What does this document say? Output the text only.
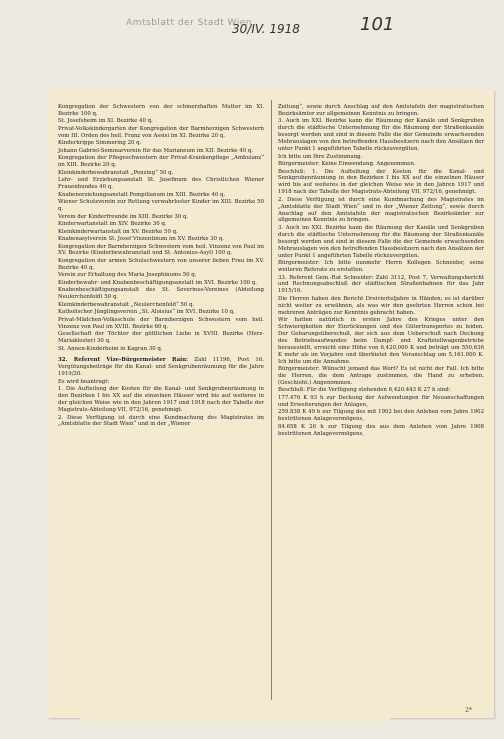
Amtsblatt der Stadt Wien
30/IV. 1918	101

Kongregation der Schwestern von der schmerzhaften Mutter im XI. Bezirke 100 q.

St. Josefsheim im XI. Bezirke 40 q.

Privat-Volkskindergarten der Kongregation der Barmherzigen Schwestern vom III. Orden des heil. Franz von Assisi im XI. Bezirke 20 q.

Kinderkrippe Simmering 20 q.

Johann Gabriel-Seminarverein für das Marianeum im XII. Bezirke 40 q.

Kongregation der Pflegeschwestern der Privat-Krankenpflege „Ambulanz“ im XIII. Bezirke 20 q.

Kleinkinderbewahranstalt „Penzing“ 50 q.

Lehr- und Erziehungsanstalt St. Josefinum des Christlichen Wiener Frauenbundes 40 q.

Knabenerziehungsanstalt Pompilianum im XIII. Bezirke 40 q.

Wiener Schutzverein zur Rettung verwahrloster Kinder im XIII. Bezirke 50 q.

Verein der Kinderfreunde im XIII. Bezirke 30 q.

Kinderwartanstalt im XIV. Bezirke 30 q.

Kleinkinderwartanstalt im XV. Bezirke 50 q.

Knabenasylverein St. Josef Vinzentinum im XV. Bezirke 30 q.

Kongregation der Barmherzigen Schwestern vom heil. Vinzenz von Paul im XV. Bezirke (Kinderbewahranstalt und St. Antonius-Asyl) 100 q.

Kongregation der armen Schulschwestern von unserer lieben Frau im XV. Bezirke 40 q.

Verein zur Erhaltung des Maria Josephinums 50 q.

Kinderbewahr- und Knabenbeschäftigungsanstalt im XVI. Bezirke 100 q.

Knabenbeschäftigungsanstalt des St. Severinus-Vereines (Abteilung Neulerchenfeld) 50 q.

Kleinkinderbewahranstalt „Neulerchenfeld“ 50 q.

Katholischer Jünglingsverein „St. Aloisius“ im XVI. Bezirke 10 q.

Privat-Mädchen-Volksschule der Barmherzigen Schwestern vom heil. Vinzenz von Paul im XVIII. Bezirke 60 q.

Gesellschaft der Töchter der göttlichen Liebe in XVIII. Bezirke (Herz-Mariakloster) 30 q.

St. Annen-Kinderheim in Kagran 30 q.

32. Referent Vize-Bürgermeister Rain: Zahl 11196, Post 16. Vergütungsbeiträge für die Kanal- und Senkgrubenräumung für die Jahre 1919/20.

Es wird beantragt:

1. Die Aufteilung der Kosten für die Kanal- und Senkgrubenräumung in den Bezirken I bis XX auf die einzelnen Häuser wird bis auf weiteres in der gleichen Weise wie in den Jahren 1917 und 1918 nach der Tabelle der Magistrats-Abteilung VII, 972/16, genehmigt.

2. Diese Verfügung ist durch eine Kundmachung des Magistrates im „Amtsblatte der Stadt Wien“ und in der „Wiener

Zeitung“, sowie durch Anschlag auf den Amtstafeln der magistratischen Bezirksämter zur allgemeinen Kenntnis zu bringen.

3. Auch im XXI. Bezirke kann die Räumung der Kanäle und Senkgruben durch die städtische Unternehmung für die Räumung der Straßenkanäle besorgt werden und sind in diesem Falle die der Gemeinde erwachsenden Mehrauslagen von den betreffenden Hausbesitzern nach den Ansätzen der unter Punkt 1 angeführten Tabelle rückzuvergüten.

Ich bitte um Ihre Zustimmung.

Bürgermeister: Keine Einwendung. Angenommen.

Beschluß: 1. Die Aufteilung der Kosten für die Kanal- und Senkgrubenräumung in den Bezirken I bis XX auf die einzelnen Häuser wird bis auf weiteres in der gleichen Weise wie in den Jahren 1917 und 1918 nach der Tabelle der Magistrats-Abteilung VII, 972/16, genehmigt.

2. Diese Verfügung ist durch eine Kundmachung des Magistrates im „Amtsblatte der Stadt Wien“ und in der „Wiener Zeitung“, sowie durch Anschlag auf den Amtstafeln der magistratischen Bezirksämter zur allgemeinen Kenntnis zu bringen.

3. Auch im XXI. Bezirke kann die Räumung der Kanäle und Senkgruben durch die städtische Unternehmung für die Räumung der Straßenkanäle besorgt werden und sind in diesem Falle die der Gemeinde erwachsenden Mehrauslagen von den betreffenden Hausbesitzern nach den Ansätzen der unter Punkt 1 angeführten Tabelle rückzuvergüten.

Bürgermeister: Ich bitte nunmehr Herrn Kollegen Schneider, seine weiteren Referate zu erstatten.

33. Referent Gem.-Rat Schneider: Zahl 3112, Post 7, Verwaltungsbericht und Rechnungsabschluß der städtischen Straßenbahnen für das Jahr 1915/16.

Die Herren haben den Bericht Dreivierteljahre in Händen; es ist darüber nicht weiter zu erwähnen, als was wir den geehrten Herren schon bei mehreren Anträgen zur Kenntnis gebracht haben.

Wir hatten natürlich in ersten Jahre des Krieges unter den Schwierigkeiten der Einrückungen und des Gütertransportes zu leiden. Der Gebarungsüberschuß, der sich aus dem Ueberschuß nach Deckung des Betriebsaufwandes beim Dampf- und Kraftstellwagenbetriebe herausstellt, erreicht eine Höhe von 6,420,000 K und beträgt um 550,636 K mehr als im Vorjahre und überbietet den Voranschlag um 5,161.000 K. Ich bitte um die Annahme.

Bürgermeister: Wünscht jemand das Wort? Es ist nicht der Fall. Ich bitte die Herren, die dem Antrage zustimmen, die Hand zu erheben. (Geschieht.) Angenommen.

Beschluß: Für die Verfügung stehenden 6,420.443 K 27 h sind:

177.476 K 93 h zur Deckung der Aufwendungen für Neuanschaffungen und Erweiterungen der Anlagen,

259.838 K 49 h zur Tilgung des mit 1902 bei den Anlehen vom Jahre 1902 bestrittenen Anlagevermögens,

84.658 K 26 h zur Tilgung des aus dem Anlehen vom Jahre 1908 bestrittenen Anlagevermögens,

2*
